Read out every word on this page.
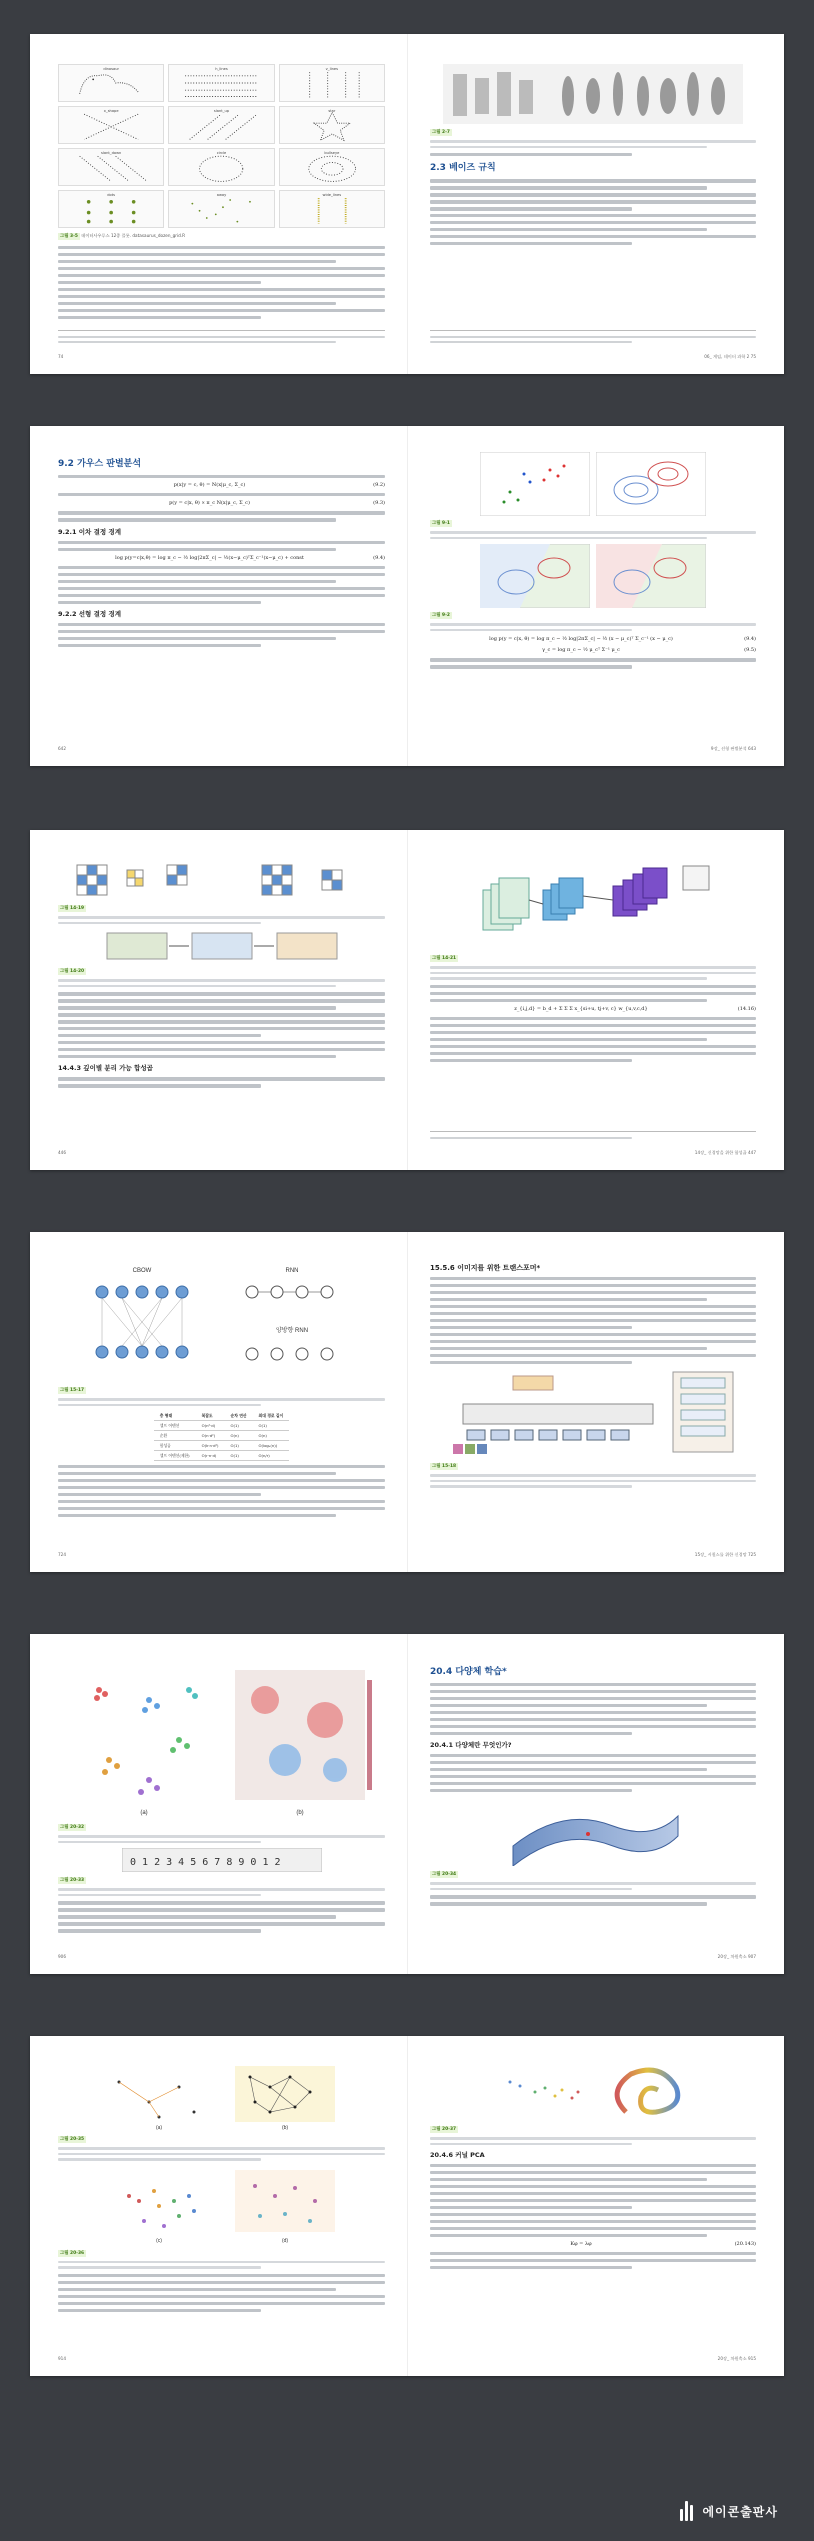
dinosaur	h_lines	v_lines
x_shape	slant_up	star
slant_down	circle	bullseye
dots	away	wide_lines
그림 3-5 데이터사우루스 12종 플롯. datasaurus_dozen_grid.R
74
그림 2-7
2.3 베이즈 규칙
06_ 게임, 데이터 과학 2 75
9.2 가우스 판별분석
p(x|y = c, θ) = N(x|μ_c, Σ_c)	(9.2)
p(y = c|x, θ) ∝ π_c N(x|μ_c, Σ_c)	(9.3)
9.2.1 이차 결정 경계
log p(y=c|x,θ) = log π_c − ½ log|2πΣ_c| − ½(x−μ_c)ᵀΣ_c⁻¹(x−μ_c) + const	(9.4)
9.2.2 선형 결정 경계
642
그림 9-1
그림 9-2
log p(y = c|x, θ) = log π_c − ½ log|2πΣ_c| − ½ (x − μ_c)ᵀ Σ_c⁻¹ (x − μ_c)	(9.4)
γ_c = log π_c − ½ μ_cᵀ Σ⁻¹ μ_c	(9.5)
9장_ 선형 판별분석 643
그림 14-19
그림 14-20
14.4.3 깊이별 분리 가능 합성곱
446
그림 14-21
z_{i,j,d} = b_d + Σ Σ Σ x_{si+u, tj+v, c} w_{u,v,c,d}	(14.16)
14장_ 신경망을 위한 합성곱 447
CBOW	RNN
양방향 RNN
그림 15-17
층 형태	복잡도	순차 연산	최대 경로 길이
셀프 어텐션	O(n²·d)	O(1)	O(1)
순환	O(n·d²)	O(n)	O(n)
합성곱	O(k·n·d²)	O(1)	O(logₖ(n))
셀프 어텐션(제한)	O(r·n·d)	O(1)	O(n/r)
724
15.5.6 이미지를 위한 트랜스포머*
그림 15-18
15장_ 시퀀스를 위한 신경망 725
(a)	(b)
그림 20-32
0 1 2 3 4 5 6 7 8 9 0 1 2
그림 20-33
906
20.4 다양체 학습*
20.4.1 다양체란 무엇인가?
그림 20-34
20장_ 차원축소 907
(a)	(b)
그림 20-35
(c)	(d)
그림 20-36
914
그림 20-37
20.4.6 커널 PCA
Kφ = λφ	(20.143)
20장_ 차원축소 915
에이콘출판사
